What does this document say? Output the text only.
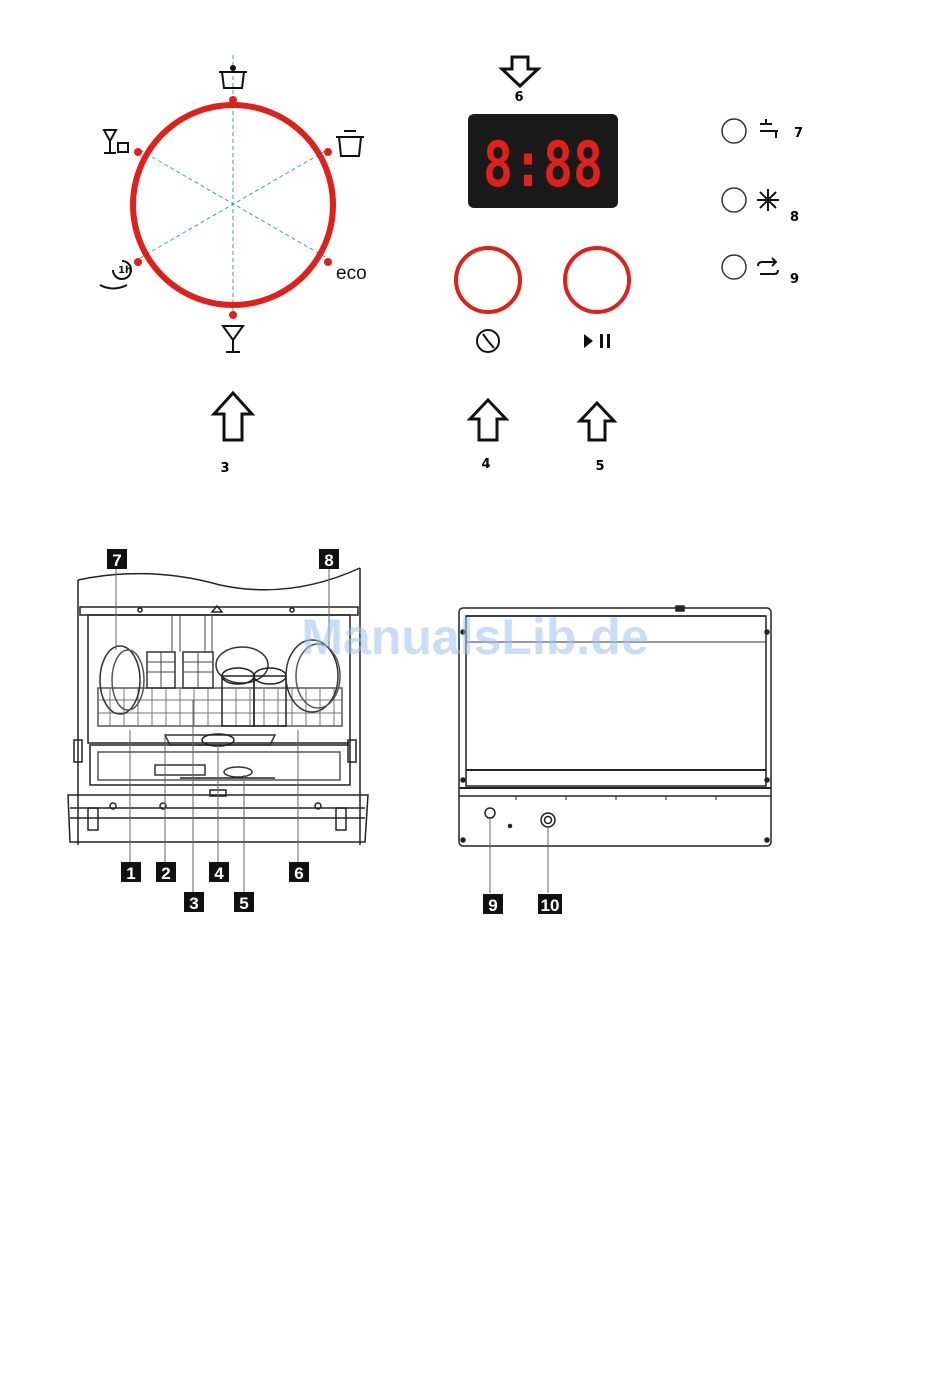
eco
1h
3
6
8:88
4	5
7
8
9
7	8
1 2
3
4
5
6
9	10
ManualsLib.de
